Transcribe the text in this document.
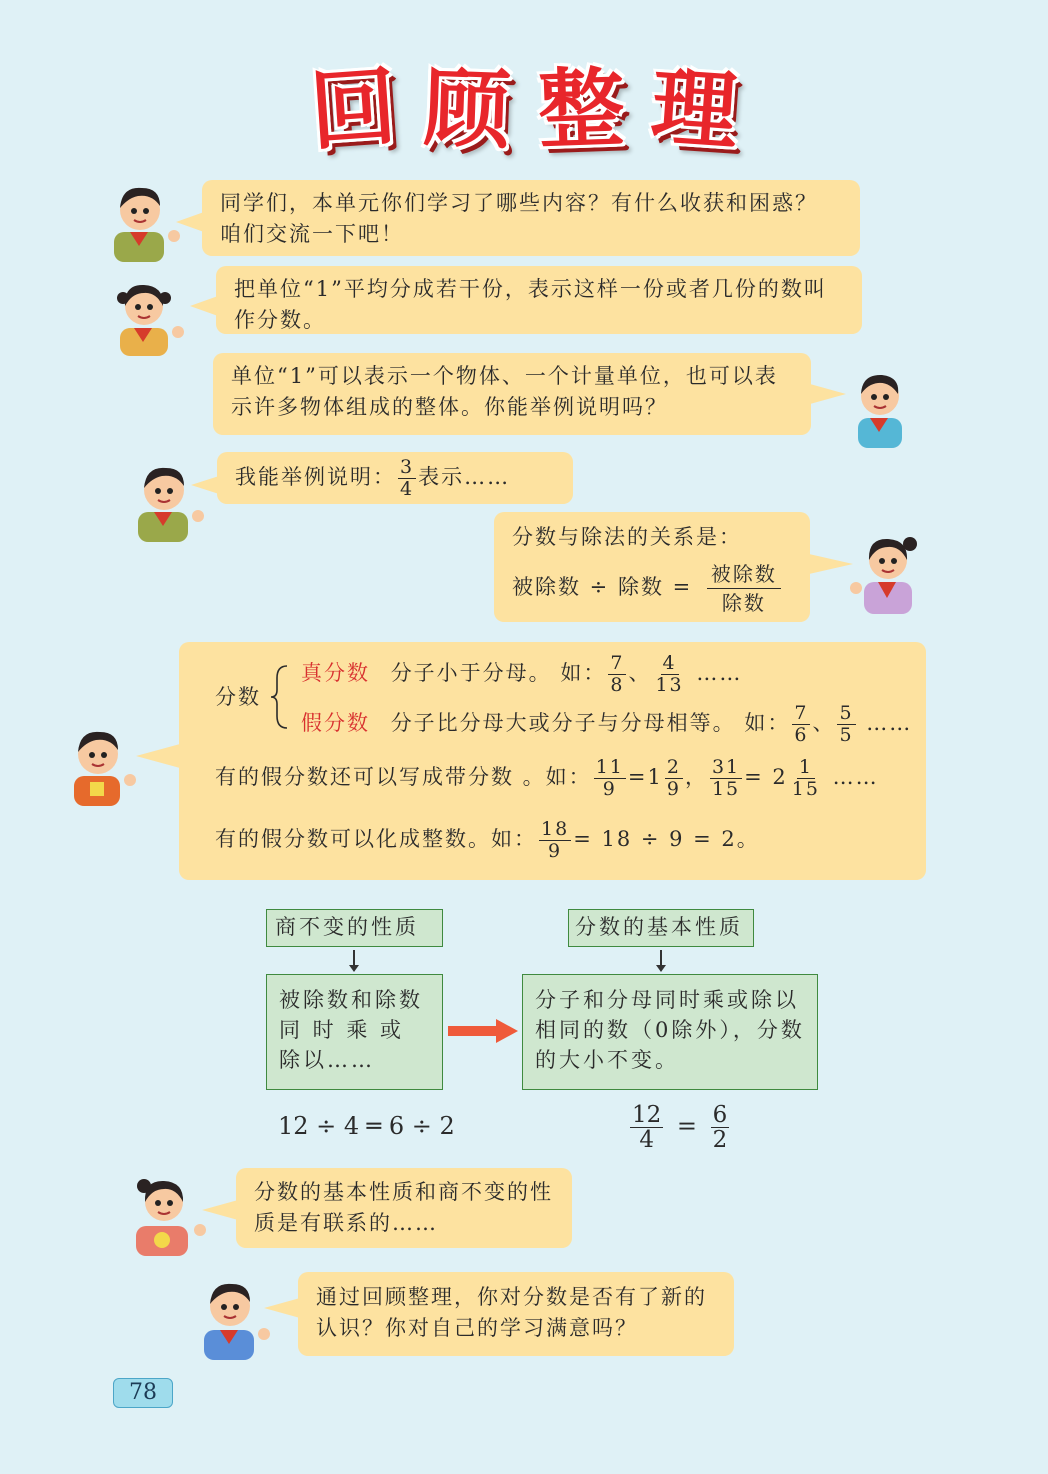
回 顾 整 理
同学们，本单元你们学习了哪些内容？有什么收获和困惑？ 咱们交流一下吧！
把单位“1”平均分成若干份，表示这样一份或者几份的数叫作分数。
单位“1”可以表示一个物体、一个计量单位，也可以表示许多物体组成的整体。你能举例说明吗？
我能举例说明： $\frac{3}{4}$ 表示……
分数与除法的关系是：
被除数 ÷ 除数 = $\frac{\text{被除数}}{\text{除数}}$
分数
真分数 分子小于分母。 如： $\frac{7}{8}$ 、 $\frac{4}{13}$ ……
假分数 分子比分母大或分子与分母相等。 如： $\frac{7}{6}$ 、 $\frac{5}{5}$ ……
有的假分数还可以写成带分数 。如： $\frac{11}{9} =1 \frac{2}{9}$ ， $\frac{31}{15} = 2 \frac{1}{15}$ ……
有的假分数可以化成整数。如： $\frac{18}{9} = 18 \div 9 = 2$。
商不变的性质
被除数和除数同 时 乘 或 除以……
分数的基本性质
分子和分母同时乘或除以相同的数（0除外），分数的大小不变。
12 ÷ 4 ═ 6 ÷ 2	$\frac{12}{4} = \frac{6}{2}$
分数的基本性质和商不变的性质是有联系的……
通过回顾整理，你对分数是否有了新的认识？你对自己的学习满意吗？
78
